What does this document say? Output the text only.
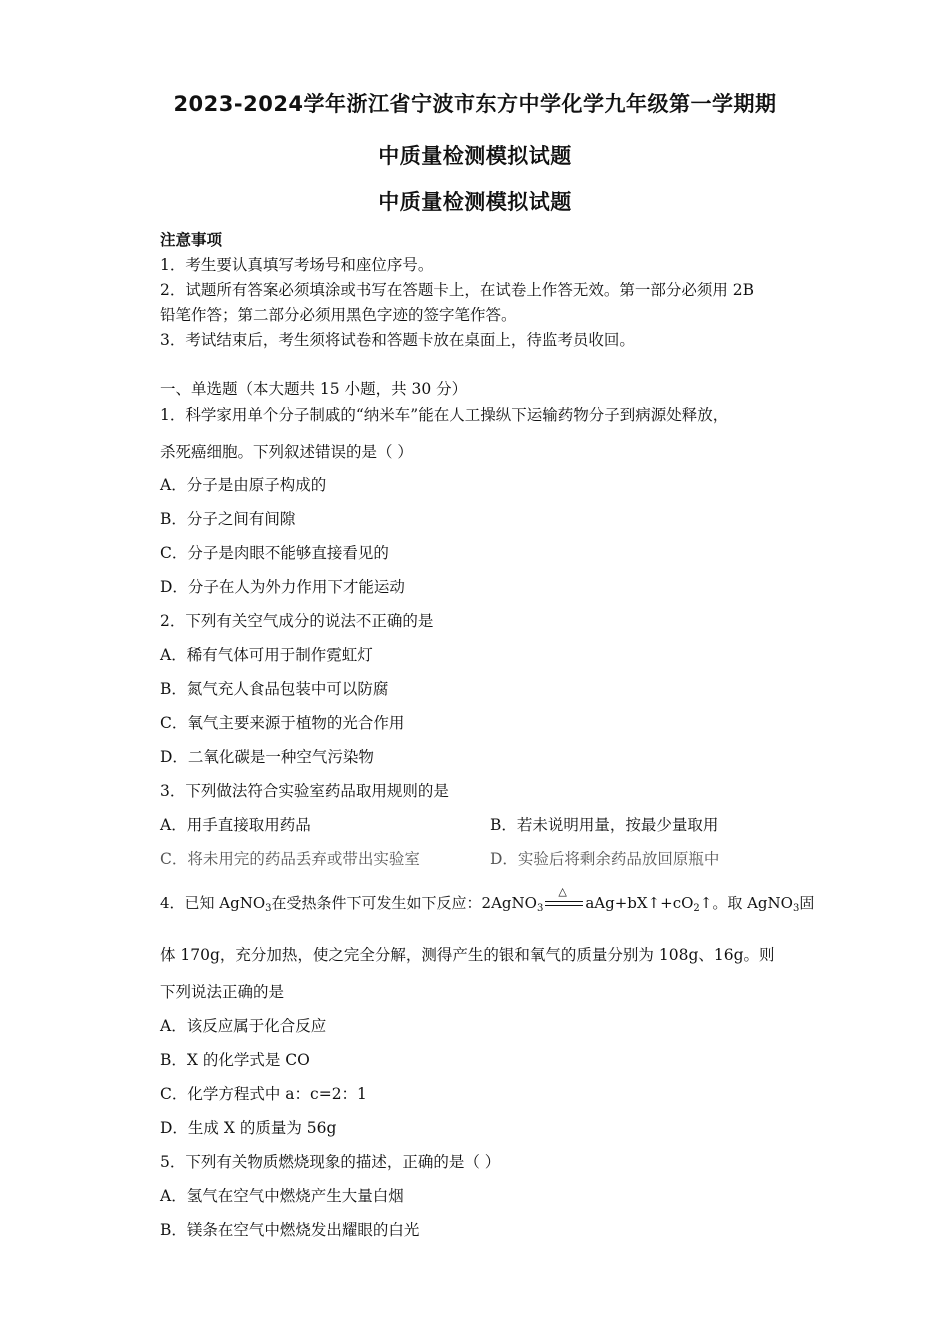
2023-2024学年浙江省宁波市东方中学化学九年级第一学期期
中质量检测模拟试题
中质量检测模拟试题
注意事项
1．考生要认真填写考场号和座位序号。
2．试题所有答案必须填涂或书写在答题卡上，在试卷上作答无效。第一部分必须用 2B
铅笔作答；第二部分必须用黑色字迹的签字笔作答。
3．考试结束后，考生须将试卷和答题卡放在桌面上，待监考员收回。
一、单选题（本大题共 15 小题，共 30 分）
1．科学家用单个分子制戚的“纳米车”能在人工操纵下运输药物分子到病源处释放，
杀死癌细胞。下列叙述错误的是（ ）
A．分子是由原子构成的
B．分子之间有间隙
C．分子是肉眼不能够直接看见的
D．分子在人为外力作用下才能运动
2．下列有关空气成分的说法不正确的是
A．稀有气体可用于制作霓虹灯
B．氮气充人食品包装中可以防腐
C．氧气主要来源于植物的光合作用
D．二氧化碳是一种空气污染物
3．下列做法符合实验室药品取用规则的是
A．用手直接取用药品	B．若未说明用量，按最少量取用
C．将未用完的药品丢弃或带出实验室	D．实验后将剩余药品放回原瓶中
4．已知 AgNO$_3$在受热条件下可发生如下反应：2AgNO$_3$
△
$aAg+bX↑+cO_2↑$。取 AgNO$_3$固
体 170g，充分加热，使之完全分解，测得产生的银和氧气的质量分别为 108g、16g。则
下列说法正确的是
A．该反应属于化合反应
B．X 的化学式是 CO
C．化学方程式中 a：c=2：1
D．生成 X 的质量为 56g
5．下列有关物质燃烧现象的描述，正确的是（ ）
A．氢气在空气中燃烧产生大量白烟
B．镁条在空气中燃烧发出耀眼的白光
